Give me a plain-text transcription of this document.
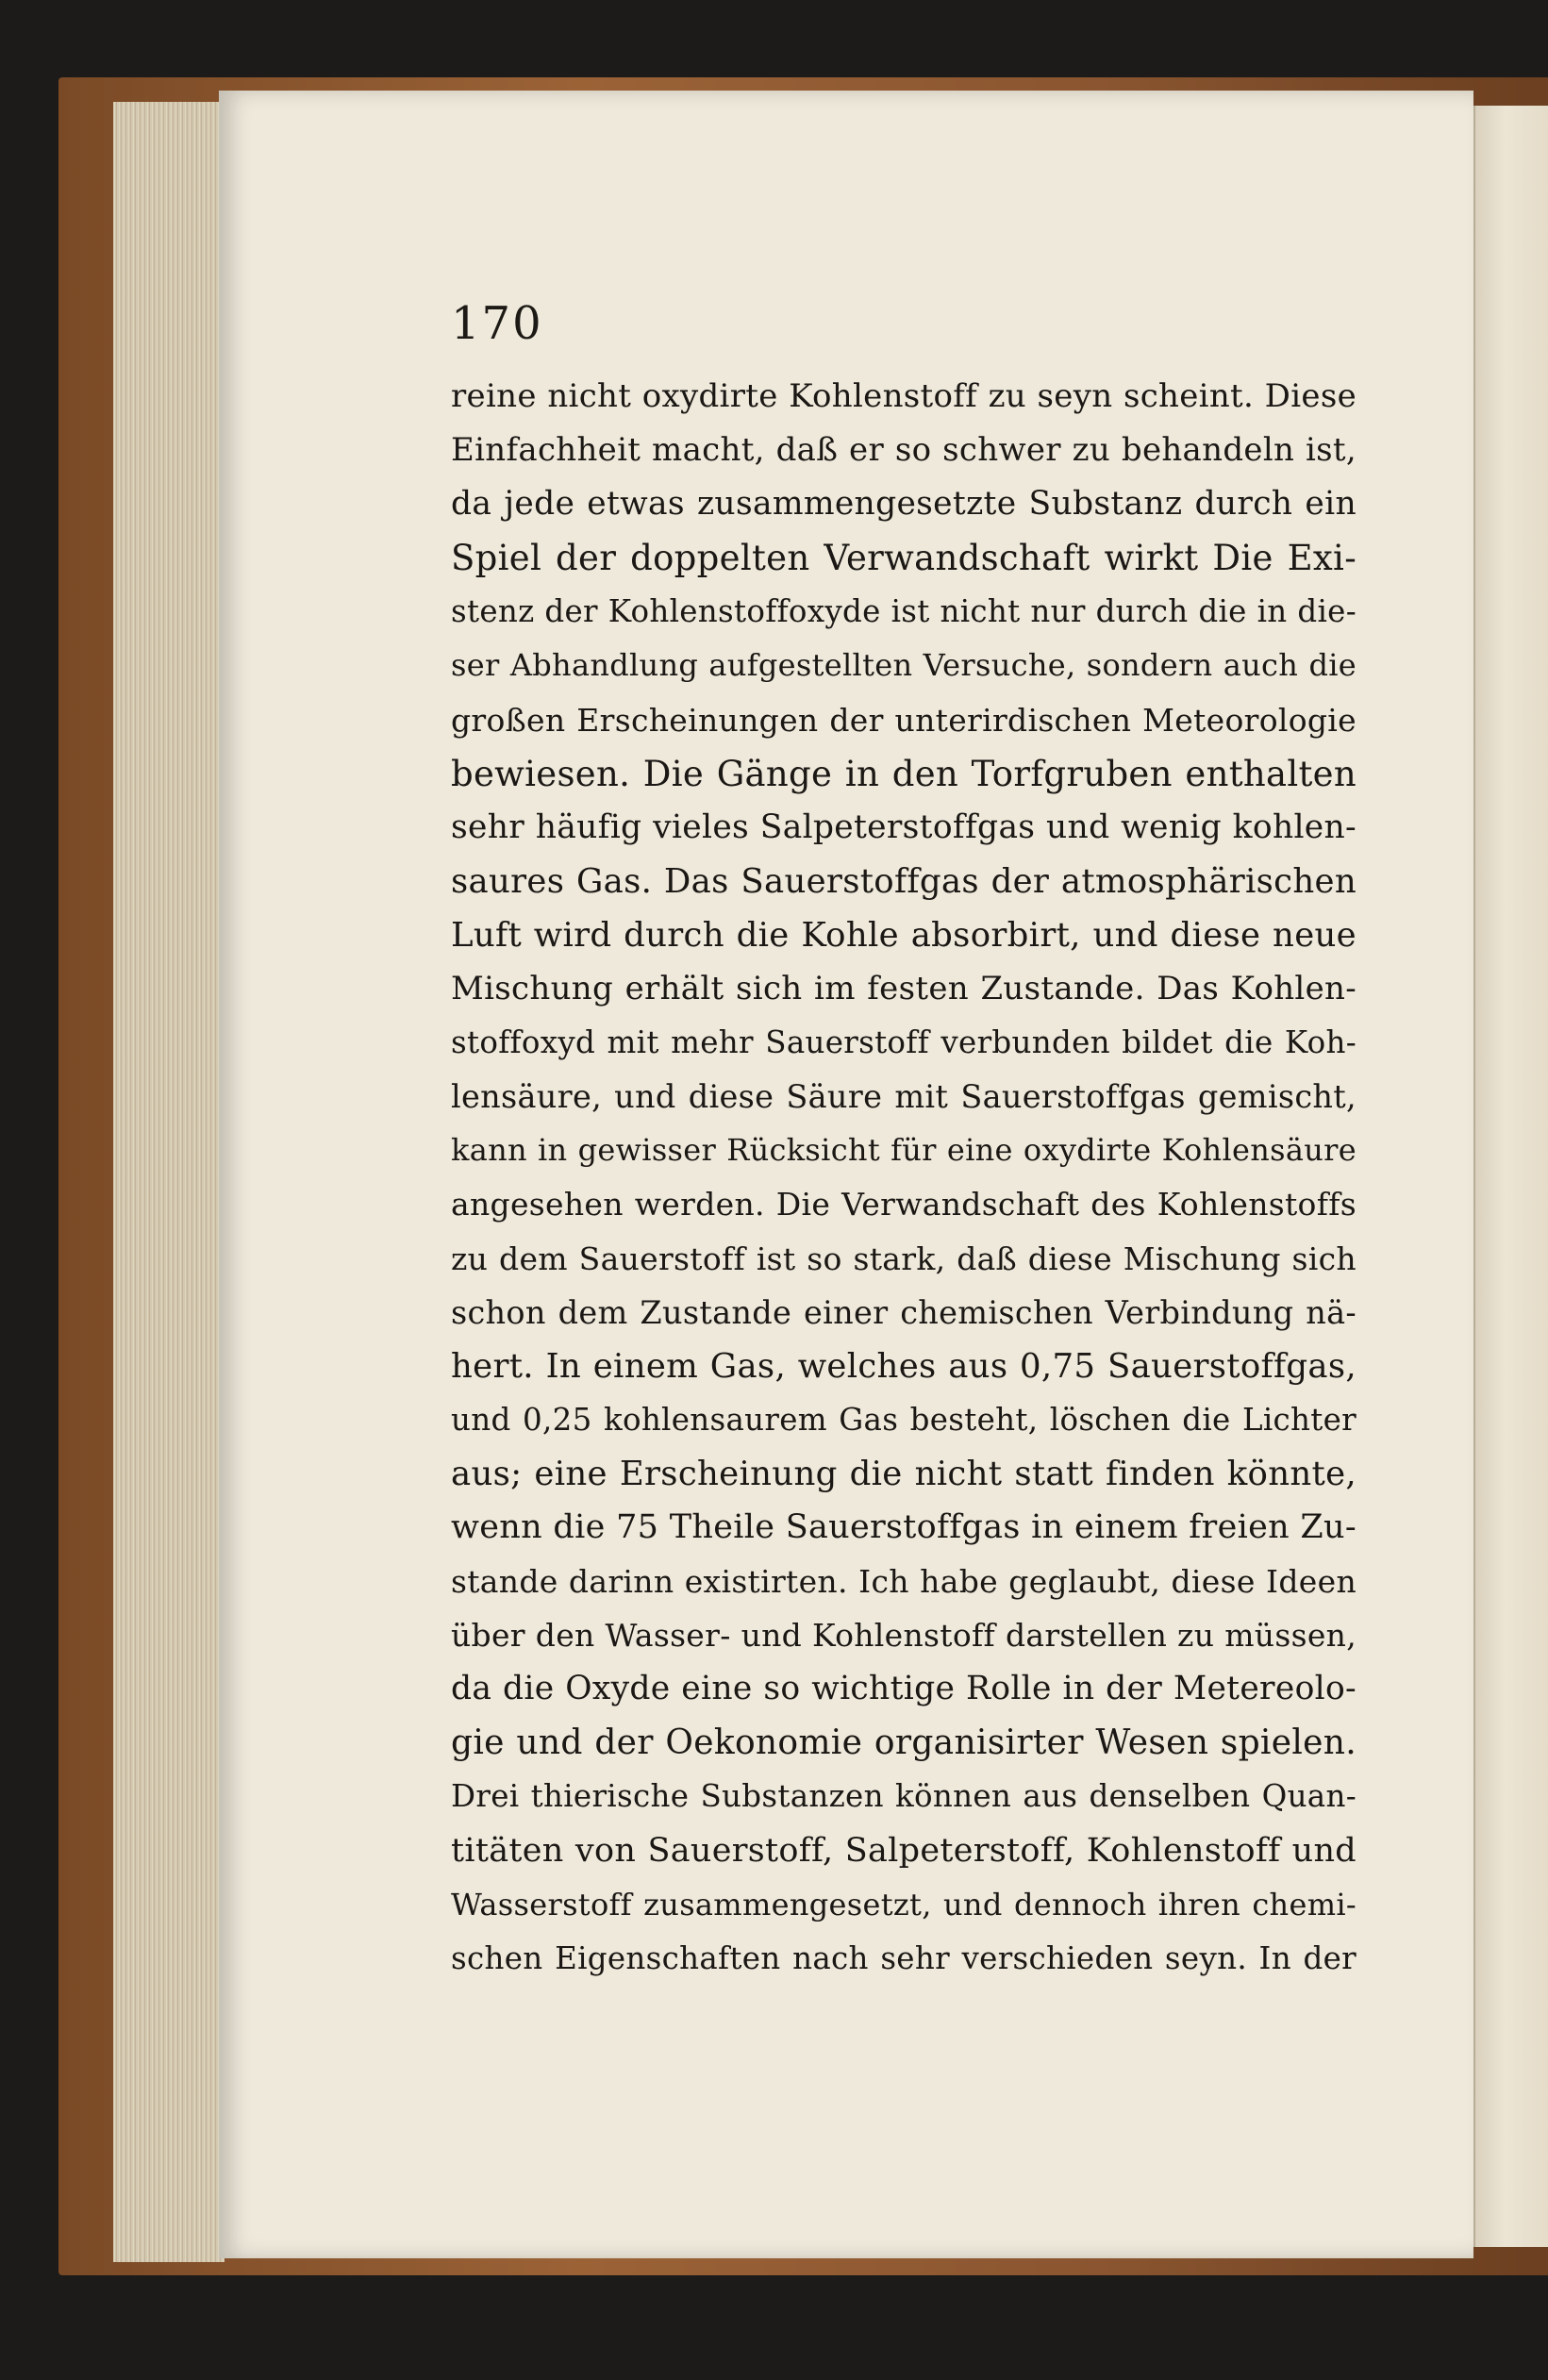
170
reine nicht oxydirte Kohlenstoff zu seyn scheint. Diese
Einfachheit macht, daß er so schwer zu behandeln ist,
da jede etwas zusammengesetzte Substanz durch ein
Spiel der doppelten Verwandschaft wirkt Die Exi-
stenz der Kohlenstoffoxyde ist nicht nur durch die in die-
ser Abhandlung aufgestellten Versuche, sondern auch die
großen Erscheinungen der unterirdischen Meteorologie
bewiesen. Die Gänge in den Torfgruben enthalten
sehr häufig vieles Salpeterstoffgas und wenig kohlen-
saures Gas. Das Sauerstoffgas der atmosphärischen
Luft wird durch die Kohle absorbirt, und diese neue
Mischung erhält sich im festen Zustande. Das Kohlen-
stoffoxyd mit mehr Sauerstoff verbunden bildet die Koh-
lensäure, und diese Säure mit Sauerstoffgas gemischt,
kann in gewisser Rücksicht für eine oxydirte Kohlensäure
angesehen werden. Die Verwandschaft des Kohlenstoffs
zu dem Sauerstoff ist so stark, daß diese Mischung sich
schon dem Zustande einer chemischen Verbindung nä-
hert. In einem Gas, welches aus 0,75 Sauerstoffgas,
und 0,25 kohlensaurem Gas besteht, löschen die Lichter
aus; eine Erscheinung die nicht statt finden könnte,
wenn die 75 Theile Sauerstoffgas in einem freien Zu-
stande darinn existirten. Ich habe geglaubt, diese Ideen
über den Wasser- und Kohlenstoff darstellen zu müssen,
da die Oxyde eine so wichtige Rolle in der Metereolo-
gie und der Oekonomie organisirter Wesen spielen.
Drei thierische Substanzen können aus denselben Quan-
titäten von Sauerstoff, Salpeterstoff, Kohlenstoff und
Wasserstoff zusammengesetzt, und dennoch ihren chemi-
schen Eigenschaften nach sehr verschieden seyn. In der
